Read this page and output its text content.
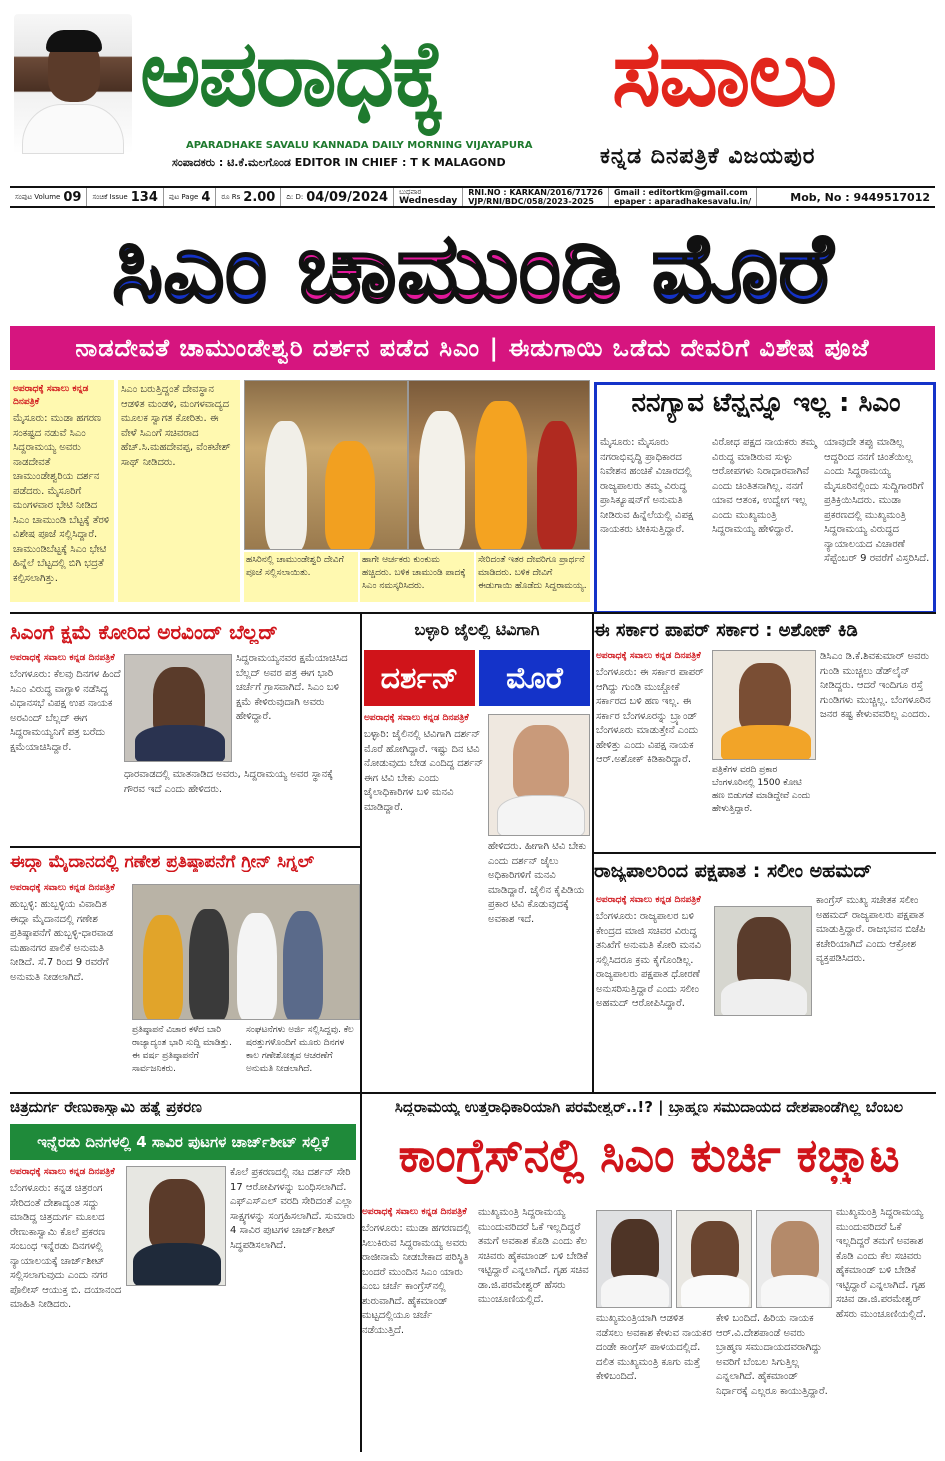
ಅಪರಾಧಕ್ಕೆ ಸವಾಲು
APARADHAKE SAVALU KANNADA DAILY MORNING VIJAYAPURA
ಸಂಪಾದಕರು : ಟಿ.ಕೆ.ಮಲಗೊಂಡ EDITOR IN CHIEF : T K MALAGOND	ಕನ್ನಡ ದಿನಪತ್ರಿಕೆ ವಿಜಯಪುರ
ಸಂಪುಟ Volume 09 ಸಂಚಿಕೆ Issue 134 ಪುಟ Page 4 ರೂ Rs 2.00 ದಿ: D: 04/09/2024 ಬುಧವಾರ
Wednesday
RNI.NO : KARKAN/2016/71726
VJP/RNI/BDC/058/2023-2025
Gmail : editortkm@gmail.com
epaper : aparadhakesavalu.in/	Mob, No : 9449517012
ಸಿಎಂ ಚಾಮುಂಡಿ ಮೊರೆ
ನಾಡದೇವತೆ ಚಾಮುಂಡೇಶ್ವರಿ ದರ್ಶನ ಪಡೆದ ಸಿಎಂ | ಈಡುಗಾಯಿ ಒಡೆದು ದೇವರಿಗೆ ವಿಶೇಷ ಪೂಜೆ
ಅಪರಾಧಕ್ಕೆ ಸವಾಲು ಕನ್ನಡ ದಿನಪತ್ರಿಕೆ

ಮೈಸೂರು: ಮುಡಾ ಹಗರಣ ಸಂಕಷ್ಟದ ನಡುವೆ ಸಿಎಂ ಸಿದ್ದರಾಮಯ್ಯ ಅವರು ನಾಡದೇವತೆ ಚಾಮುಂಡೇಶ್ವರಿಯ ದರ್ಶನ ಪಡೆದರು. ಮೈಸೂರಿಗೆ ಮಂಗಳವಾರ ಭೇಟಿ ನೀಡಿದ ಸಿಎಂ ಚಾಮುಂಡಿ ಬೆಟ್ಟಕ್ಕೆ ತೆರಳಿ ವಿಶೇಷ ಪೂಜೆ ಸಲ್ಲಿಸಿದ್ದಾರೆ. ಚಾಮುಂಡಿಬೆಟ್ಟಕ್ಕೆ ಸಿಎಂ ಭೇಟಿ ಹಿನ್ನೆಲೆ ಬೆಟ್ಟದಲ್ಲಿ ಬಿಗಿ ಭದ್ರತೆ ಕಲ್ಪಿಸಲಾಗಿತ್ತು.

ಸಿಎಂ ಬರುತ್ತಿದ್ದಂತೆ ದೇವಸ್ಥಾನ ಆಡಳಿತ ಮಂಡಳಿ, ಮಂಗಳವಾದ್ಯದ ಮೂಲಕ ಸ್ವಾಗತ ಕೋರಿತು. ಈ ವೇಳೆ ಸಿಎಂಗೆ ಸಚಿವರಾದ ಹೆಚ್.ಸಿ.ಮಹದೇವಪ್ಪ, ವೆಂಕಟೇಶ್ ಸಾಥ್ ನೀಡಿದರು.

ಹಸಿರಿನಲ್ಲಿ ಚಾಮುಂಡೇಶ್ವರಿ ದೇವಿಗೆ ಪೂಜೆ ಸಲ್ಲಿಸಲಾಯಿತು.
ಹಾಗೇ ಆರ್ಚಕರು ಕುಂಕುಮ ಹಚ್ಚಿದರು. ಬಳಿಕ ಚಾಮುಂಡಿ ಪಾದಕ್ಕೆ ಸಿಎಂ ನಮಸ್ಕರಿಸಿದರು.
ಸೇರಿದಂತೆ ಇತರ ದೇವರಿಗೂ ಪ್ರಾರ್ಥನೆ ಮಾಡಿದರು. ಬಳಿಕ ದೇವಿಗೆ ಈಡುಗಾಯಿ ಹೊಡೆದು ಸಿದ್ದರಾಮಯ್ಯ.
ನನಗ್ಯಾವ ಟೆನ್ಷನ್ನೂ ಇಲ್ಲ : ಸಿಎಂ
ಮೈಸೂರು: ಮೈಸೂರು ನಗರಾಭಿವೃದ್ಧಿ ಪ್ರಾಧಿಕಾರದ ನಿವೇಶನ ಹಂಚಿಕೆ ವಿಚಾರದಲ್ಲಿ ರಾಜ್ಯಪಾಲರು ತಮ್ಮ ವಿರುದ್ಧ ಪ್ರಾಸಿಕ್ಯೂಷನ್‌ಗೆ ಅನುಮತಿ ನೀಡಿರುವ ಹಿನ್ನೆಲೆಯಲ್ಲಿ ವಿಪಕ್ಷ ನಾಯಕರು ಟೀಕಿಸುತ್ತಿದ್ದಾರೆ.
ವಿರೋಧ ಪಕ್ಷದ ನಾಯಕರು ತಮ್ಮ ವಿರುದ್ಧ ಮಾಡಿರುವ ಸುಳ್ಳು ಆರೋಪಗಳು ನಿರಾಧಾರವಾಗಿವೆ ಎಂದು ಚಿಂತಿತನಾಗಿಲ್ಲ. ನನಗೆ ಯಾವ ಆತಂಕ, ಉದ್ವೇಗ ಇಲ್ಲ ಎಂದು ಮುಖ್ಯಮಂತ್ರಿ ಸಿದ್ದರಾಮಯ್ಯ ಹೇಳಿದ್ದಾರೆ.
ಯಾವುದೇ ತಪ್ಪು ಮಾಡಿಲ್ಲ ಆದ್ದರಿಂದ ನನಗೆ ಚಿಂತೆಯಿಲ್ಲ ಎಂದು ಸಿದ್ದರಾಮಯ್ಯ ಮೈಸೂರಿನಲ್ಲಿಂದು ಸುದ್ದಿಗಾರರಿಗೆ ಪ್ರತಿಕ್ರಿಯಿಸಿದರು. ಮುಡಾ ಪ್ರಕರಣದಲ್ಲಿ ಮುಖ್ಯಮಂತ್ರಿ ಸಿದ್ದರಾಮಯ್ಯ ವಿರುದ್ಧದ ನ್ಯಾಯಾಲಯದ ವಿಚಾರಣೆ ಸೆಪ್ಟೆಂಬರ್ 9 ರವರೆಗೆ ವಿಸ್ತರಿಸಿದೆ.
ಸಿಎಂಗೆ ಕ್ಷಮೆ ಕೋರಿದ ಅರವಿಂದ್ ಬೆಲ್ಲದ್
ಅಪರಾಧಕ್ಕೆ ಸವಾಲು ಕನ್ನಡ ದಿನಪತ್ರಿಕೆ

ಬೆಂಗಳೂರು: ಕೆಲವು ದಿನಗಳ ಹಿಂದೆ ಸಿಎಂ ವಿರುದ್ಧ ವಾಗ್ದಾಳಿ ನಡೆಸಿದ್ದ ವಿಧಾನಸಭೆ ವಿಪಕ್ಷ ಉಪ ನಾಯಕ ಅರವಿಂದ್ ಬೆಲ್ಲದ್ ಈಗ ಸಿದ್ದರಾಮಯ್ಯನಿಗೆ ಪತ್ರ ಬರೆದು ಕ್ಷಮೆಯಾಚಿಸಿದ್ದಾರೆ.

ಸಿದ್ದರಾಮಯ್ಯನವರ ಕ್ಷಮೆಯಾಚಿಸಿದ ಬೆಲ್ಲದ್ ಅವರ ಪತ್ರ ಈಗ ಭಾರಿ ಚರ್ಚೆಗೆ ಗ್ರಾಸವಾಗಿದೆ. ಸಿಎಂ ಬಳಿ ಕ್ಷಮೆ ಕೇಳಿರುವುದಾಗಿ ಅವರು ಹೇಳಿದ್ದಾರೆ.
ಧಾರವಾಡದಲ್ಲಿ ಮಾತನಾಡಿದ ಅವರು, ಸಿದ್ದರಾಮಯ್ಯ ಅವರ ಸ್ಥಾನಕ್ಕೆ ಗೌರವ ಇದೆ ಎಂದು ಹೇಳಿದರು.
ಬಳ್ಳಾರಿ ಜೈಲಲ್ಲಿ ಟಿವಿಗಾಗಿ
ದರ್ಶನ್	ಮೊರೆ
ಅಪರಾಧಕ್ಕೆ ಸವಾಲು ಕನ್ನಡ ದಿನಪತ್ರಿಕೆ

ಬಳ್ಳಾರಿ: ಜೈಲಿನಲ್ಲಿ ಟಿವಿಗಾಗಿ ದರ್ಶನ್ ಮೊರೆ ಹೋಗಿದ್ದಾರೆ. ಇಷ್ಟು ದಿನ ಟಿವಿ ನೋಡುವುದು ಬೇಡ ಎಂದಿದ್ದ ದರ್ಶನ್ ಈಗ ಟಿವಿ ಬೇಕು ಎಂದು ಜೈಲಾಧಿಕಾರಿಗಳ ಬಳಿ ಮನವಿ ಮಾಡಿದ್ದಾರೆ.

ಹೇಳಿದರು. ಹೀಗಾಗಿ ಟಿವಿ ಬೇಕು ಎಂದು ದರ್ಶನ್ ಜೈಲು ಅಧಿಕಾರಿಗಳಿಗೆ ಮನವಿ ಮಾಡಿದ್ದಾರೆ. ಜೈಲಿನ ಕೈಪಿಡಿಯ ಪ್ರಕಾರ ಟಿವಿ ಕೊಡುವುದಕ್ಕೆ ಅವಕಾಶ ಇದೆ.
ಈ ಸರ್ಕಾರ ಪಾಪರ್ ಸರ್ಕಾರ : ಅಶೋಕ್ ಕಿಡಿ
ಅಪರಾಧಕ್ಕೆ ಸವಾಲು ಕನ್ನಡ ದಿನಪತ್ರಿಕೆ

ಬೆಂಗಳೂರು: ಈ ಸರ್ಕಾರ ಪಾಪರ್ ಆಗಿದ್ದು ಗುಂಡಿ ಮುಚ್ಚೋಕೆ ಸರ್ಕಾರದ ಬಳಿ ಹಣ ಇಲ್ಲ. ಈ ಸರ್ಕಾರ ಬೆಂಗಳೂರನ್ನು ಬ್ರ್ಯಾಂಡ್ ಬೆಂಗಳೂರು ಮಾಡುತ್ತೇನೆ ಎಂದು ಹೇಳಿತ್ತು ಎಂದು ವಿಪಕ್ಷ ನಾಯಕ ಆರ್.ಅಶೋಕ್ ಕಿಡಿಕಾರಿದ್ದಾರೆ.

ಡಿಸಿಎಂ ಡಿ.ಕೆ.ಶಿವಕುಮಾರ್ ಅವರು ಗುಂಡಿ ಮುಚ್ಚಲು ಡೆಡ್‌ಲೈನ್ ನೀಡಿದ್ದರು. ಆದರೆ ಇಂದಿಗೂ ರಸ್ತೆ ಗುಂಡಿಗಳು ಮುಚ್ಚಿಲ್ಲ. ಬೆಂಗಳೂರಿನ ಜನರ ಕಷ್ಟ ಕೇಳುವವರಿಲ್ಲ ಎಂದರು.
ಪತ್ರಿಕೆಗಳ ವರದಿ ಪ್ರಕಾರ ಬೆಂಗಳೂರಿನಲ್ಲಿ 1500 ಕೋಟಿ ಹಣ ಬಿಡುಗಡೆ ಮಾಡಿದ್ದೇವೆ ಎಂದು ಹೇಳುತ್ತಿದ್ದಾರೆ.
ಈದ್ಗಾ ಮೈದಾನದಲ್ಲಿ ಗಣೇಶ ಪ್ರತಿಷ್ಠಾಪನೆಗೆ ಗ್ರೀನ್ ಸಿಗ್ನಲ್
ಅಪರಾಧಕ್ಕೆ ಸವಾಲು ಕನ್ನಡ ದಿನಪತ್ರಿಕೆ

ಹುಬ್ಬಳ್ಳಿ: ಹುಬ್ಬಳ್ಳಿಯ ವಿವಾದಿತ ಈದ್ಗಾ ಮೈದಾನದಲ್ಲಿ ಗಣೇಶ ಪ್ರತಿಷ್ಠಾಪನೆಗೆ ಹುಬ್ಬಳ್ಳಿ-ಧಾರವಾಡ ಮಹಾನಗರ ಪಾಲಿಕೆ ಅನುಮತಿ ನೀಡಿದೆ. ಸೆ.7 ರಿಂದ 9 ರವರೆಗೆ ಅನುಮತಿ ನೀಡಲಾಗಿದೆ.

ಪ್ರತಿಷ್ಠಾಪನೆ ವಿಚಾರ ಕಳೆದ ಬಾರಿ ರಾಜ್ಯಾದ್ಯಂತ ಭಾರಿ ಸುದ್ದಿ ಮಾಡಿತ್ತು. ಈ ವರ್ಷ ಪ್ರತಿಷ್ಠಾಪನೆಗೆ ಸಾರ್ವಜನಿಕರು.
ಸಂಘಟನೆಗಳು ಅರ್ಜಿ ಸಲ್ಲಿಸಿದ್ದವು. ಕೆಲ ಷರತ್ತುಗಳೊಂದಿಗೆ ಮೂರು ದಿನಗಳ ಕಾಲ ಗಣೇಶೋತ್ಸವ ಆಚರಣೆಗೆ ಅನುಮತಿ ನೀಡಲಾಗಿದೆ.
ರಾಜ್ಯಪಾಲರಿಂದ ಪಕ್ಷಪಾತ : ಸಲೀಂ ಅಹಮದ್
ಅಪರಾಧಕ್ಕೆ ಸವಾಲು ಕನ್ನಡ ದಿನಪತ್ರಿಕೆ

ಬೆಂಗಳೂರು: ರಾಜ್ಯಪಾಲರ ಬಳಿ ಕೇಂದ್ರದ ಮಾಜಿ ಸಚಿವರ ವಿರುದ್ಧ ತನಿಖೆಗೆ ಅನುಮತಿ ಕೋರಿ ಮನವಿ ಸಲ್ಲಿಸಿದರೂ ಕ್ರಮ ಕೈಗೊಂಡಿಲ್ಲ. ರಾಜ್ಯಪಾಲರು ಪಕ್ಷಪಾತ ಧೋರಣೆ ಅನುಸರಿಸುತ್ತಿದ್ದಾರೆ ಎಂದು ಸಲೀಂ ಅಹಮದ್ ಆರೋಪಿಸಿದ್ದಾರೆ.

ಕಾಂಗ್ರೆಸ್ ಮುಖ್ಯ ಸಚೇತಕ ಸಲೀಂ ಅಹಮದ್ ರಾಜ್ಯಪಾಲರು ಪಕ್ಷಪಾತ ಮಾಡುತ್ತಿದ್ದಾರೆ. ರಾಜಭವನ ಬಿಜೆಪಿ ಕಚೇರಿಯಾಗಿದೆ ಎಂದು ಆಕ್ರೋಶ ವ್ಯಕ್ತಪಡಿಸಿದರು.
ಚಿತ್ರದುರ್ಗ ರೇಣುಕಾಸ್ವಾಮಿ ಹತ್ಯೆ ಪ್ರಕರಣ
ಇನ್ನೆರಡು ದಿನಗಳಲ್ಲಿ 4 ಸಾವಿರ ಪುಟಗಳ ಚಾರ್ಜ್‌ಶೀಟ್ ಸಲ್ಲಿಕೆ
ಅಪರಾಧಕ್ಕೆ ಸವಾಲು ಕನ್ನಡ ದಿನಪತ್ರಿಕೆ

ಬೆಂಗಳೂರು: ಕನ್ನಡ ಚಿತ್ರರಂಗ ಸೇರಿದಂತೆ ದೇಶಾದ್ಯಂತ ಸದ್ದು ಮಾಡಿದ್ದ ಚಿತ್ರದುರ್ಗ ಮೂಲದ ರೇಣುಕಾಸ್ವಾಮಿ ಕೊಲೆ ಪ್ರಕರಣ ಸಂಬಂಧ ಇನ್ನೆರಡು ದಿನಗಳಲ್ಲಿ ನ್ಯಾಯಾಲಯಕ್ಕೆ ಚಾರ್ಜ್‌ಶೀಟ್ ಸಲ್ಲಿಸಲಾಗುವುದು ಎಂದು ನಗರ ಪೊಲೀಸ್ ಆಯುಕ್ತ ಬಿ. ದಯಾನಂದ ಮಾಹಿತಿ ನೀಡಿದರು.

ಕೊಲೆ ಪ್ರಕರಣದಲ್ಲಿ ನಟ ದರ್ಶನ್ ಸೇರಿ 17 ಆರೋಪಿಗಳನ್ನು ಬಂಧಿಸಲಾಗಿದೆ. ಎಫ್‌ಎಸ್‌ಎಲ್ ವರದಿ ಸೇರಿದಂತೆ ಎಲ್ಲಾ ಸಾಕ್ಷ್ಯಗಳನ್ನು ಸಂಗ್ರಹಿಸಲಾಗಿದೆ. ಸುಮಾರು 4 ಸಾವಿರ ಪುಟಗಳ ಚಾರ್ಜ್‌ಶೀಟ್ ಸಿದ್ಧಪಡಿಸಲಾಗಿದೆ.
ಸಿದ್ದರಾಮಯ್ಯ ಉತ್ತರಾಧಿಕಾರಿಯಾಗಿ ಪರಮೇಶ್ವರ್..!? | ಬ್ರಾಹ್ಮಣ ಸಮುದಾಯದ ದೇಶಪಾಂಡೆಗಿಲ್ಲ ಬೆಂಬಲ
ಕಾಂಗ್ರೆಸ್‌ನಲ್ಲಿ ಸಿಎಂ ಕುರ್ಚಿ ಕಚ್ಚಾಟ
ಅಪರಾಧಕ್ಕೆ ಸವಾಲು ಕನ್ನಡ ದಿನಪತ್ರಿಕೆ

ಬೆಂಗಳೂರು: ಮುಡಾ ಹಗರಣದಲ್ಲಿ ಸಿಲುಕಿರುವ ಸಿದ್ದರಾಮಯ್ಯ ಅವರು ರಾಜೀನಾಮೆ ನೀಡಬೇಕಾದ ಪರಿಸ್ಥಿತಿ ಬಂದರೆ ಮುಂದಿನ ಸಿಎಂ ಯಾರು ಎಂಬ ಚರ್ಚೆ ಕಾಂಗ್ರೆಸ್‌ನಲ್ಲಿ ಶುರುವಾಗಿದೆ. ಹೈಕಮಾಂಡ್ ಮಟ್ಟದಲ್ಲಿಯೂ ಚರ್ಚೆ ನಡೆಯುತ್ತಿದೆ.

ಮುಖ್ಯಮಂತ್ರಿ ಸಿದ್ದರಾಮಯ್ಯ ಮುಂದುವರಿದರೆ ಓಕೆ ಇಲ್ಲದಿದ್ದರೆ ತಮಗೆ ಅವಕಾಶ ಕೊಡಿ ಎಂದು ಕೆಲ ಸಚಿವರು ಹೈಕಮಾಂಡ್ ಬಳಿ ಬೇಡಿಕೆ ಇಟ್ಟಿದ್ದಾರೆ ಎನ್ನಲಾಗಿದೆ. ಗೃಹ ಸಚಿವ ಡಾ.ಜಿ.ಪರಮೇಶ್ವರ್ ಹೆಸರು ಮುಂಚೂಣಿಯಲ್ಲಿದೆ.
ಮುಖ್ಯಮಂತ್ರಿಯಾಗಿ ಆಡಳಿತ ನಡೆಸಲು ಅವಕಾಶ ಕೇಳುವ ನಾಯಕರ ದಂಡೇ ಕಾಂಗ್ರೆಸ್ ಪಾಳಯದಲ್ಲಿದೆ. ದಲಿತ ಮುಖ್ಯಮಂತ್ರಿ ಕೂಗು ಮತ್ತೆ ಕೇಳಿಬಂದಿದೆ.
ಕೇಳಿ ಬಂದಿದೆ. ಹಿರಿಯ ನಾಯಕ ಆರ್.ವಿ.ದೇಶಪಾಂಡೆ ಅವರು ಬ್ರಾಹ್ಮಣ ಸಮುದಾಯದವರಾಗಿದ್ದು ಅವರಿಗೆ ಬೆಂಬಲ ಸಿಗುತ್ತಿಲ್ಲ ಎನ್ನಲಾಗಿದೆ. ಹೈಕಮಾಂಡ್ ನಿರ್ಧಾರಕ್ಕೆ ಎಲ್ಲರೂ ಕಾಯುತ್ತಿದ್ದಾರೆ.
ಮುಖ್ಯಮಂತ್ರಿ ಸಿದ್ದರಾಮಯ್ಯ ಮುಂದುವರಿದರೆ ಓಕೆ ಇಲ್ಲದಿದ್ದರೆ ತಮಗೆ ಅವಕಾಶ ಕೊಡಿ ಎಂದು ಕೆಲ ಸಚಿವರು ಹೈಕಮಾಂಡ್ ಬಳಿ ಬೇಡಿಕೆ ಇಟ್ಟಿದ್ದಾರೆ ಎನ್ನಲಾಗಿದೆ. ಗೃಹ ಸಚಿವ ಡಾ.ಜಿ.ಪರಮೇಶ್ವರ್ ಹೆಸರು ಮುಂಚೂಣಿಯಲ್ಲಿದೆ.
